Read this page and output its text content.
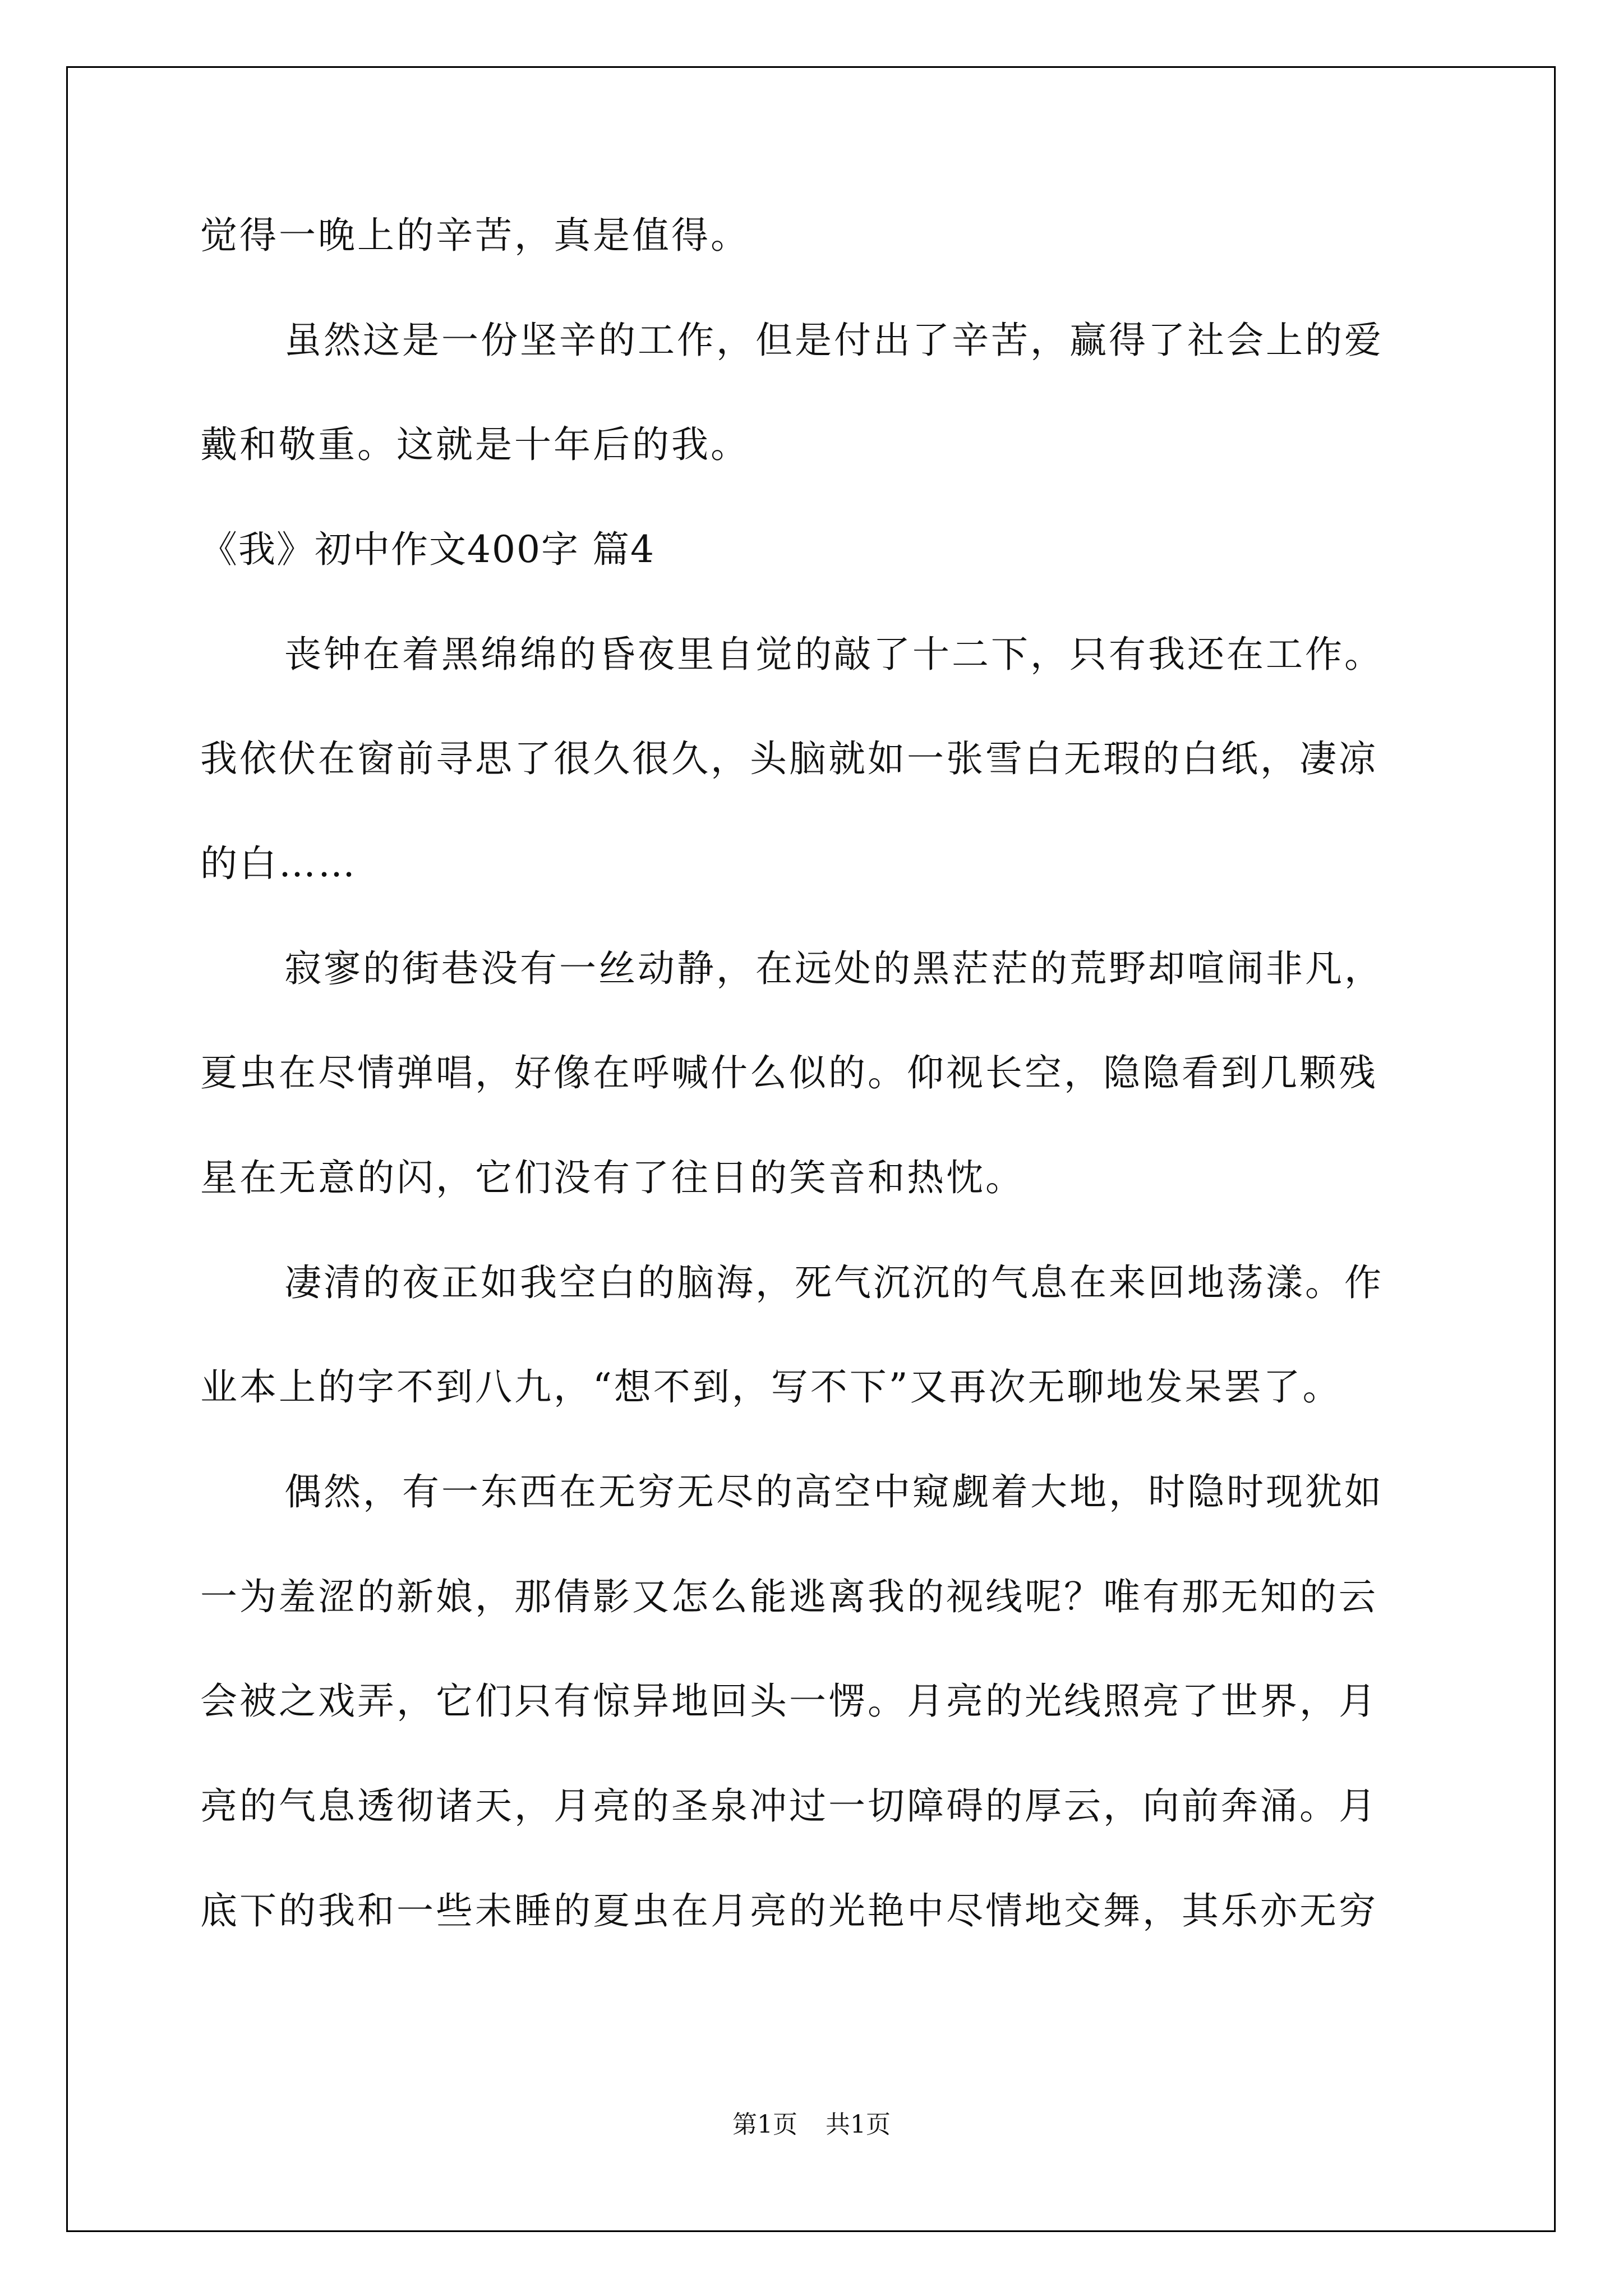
觉得一晚上的辛苦，真是值得。

虽然这是一份坚辛的工作，但是付出了辛苦，赢得了社会上的爱

戴和敬重。这就是十年后的我。

《我》初中作文400字 篇4

丧钟在着黑绵绵的昏夜里自觉的敲了十二下，只有我还在工作。

我依伏在窗前寻思了很久很久，头脑就如一张雪白无瑕的白纸，凄凉

的白……

寂寥的街巷没有一丝动静，在远处的黑茫茫的荒野却喧闹非凡，

夏虫在尽情弹唱，好像在呼喊什么似的。仰视长空，隐隐看到几颗残

星在无意的闪，它们没有了往日的笑音和热忱。

凄清的夜正如我空白的脑海，死气沉沉的气息在来回地荡漾。作

业本上的字不到八九，“想不到，写不下”又再次无聊地发呆罢了。

偶然，有一东西在无穷无尽的高空中窥觑着大地，时隐时现犹如

一为羞涩的新娘，那倩影又怎么能逃离我的视线呢？唯有那无知的云

会被之戏弄，它们只有惊异地回头一愣。月亮的光线照亮了世界，月

亮的气息透彻诸天，月亮的圣泉冲过一切障碍的厚云，向前奔涌。月

底下的我和一些未睡的夏虫在月亮的光艳中尽情地交舞，其乐亦无穷

第1页 共1页
